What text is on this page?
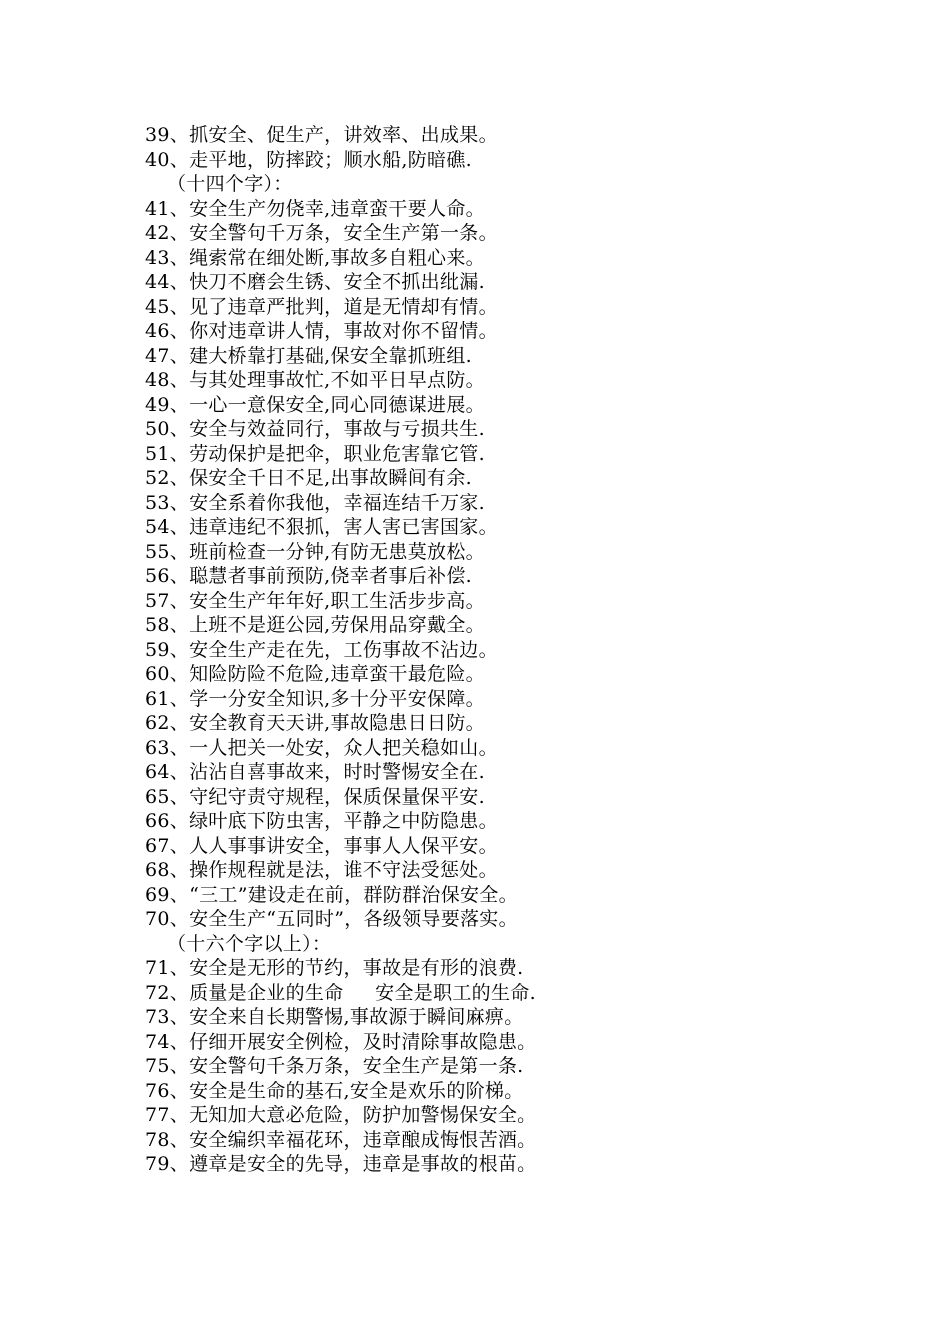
39、抓安全、促生产，讲效率、出成果。
40、走平地，防摔跤；顺水船,防暗礁.
（十四个字）：
41、安全生产勿侥幸,违章蛮干要人命。
42、安全警句千万条，安全生产第一条。
43、绳索常在细处断,事故多自粗心来。
44、快刀不磨会生锈、安全不抓出纰漏.
45、见了违章严批判，道是无情却有情。
46、你对违章讲人情，事故对你不留情。
47、建大桥靠打基础,保安全靠抓班组.
48、与其处理事故忙,不如平日早点防。
49、一心一意保安全,同心同德谋进展。
50、安全与效益同行，事故与亏损共生.
51、劳动保护是把伞，职业危害靠它管.
52、保安全千日不足,出事故瞬间有余.
53、安全系着你我他，幸福连结千万家.
54、违章违纪不狠抓，害人害已害国家。
55、班前检查一分钟,有防无患莫放松。
56、聪慧者事前预防,侥幸者事后补偿.
57、安全生产年年好,职工生活步步高。
58、上班不是逛公园,劳保用品穿戴全。
59、安全生产走在先，工伤事故不沾边。
60、知险防险不危险,违章蛮干最危险。
61、学一分安全知识,多十分平安保障。
62、安全教育天天讲,事故隐患日日防。
63、一人把关一处安，众人把关稳如山。
64、沾沾自喜事故来，时时警惕安全在.
65、守纪守责守规程，保质保量保平安.
66、绿叶底下防虫害，平静之中防隐患。
67、人人事事讲安全，事事人人保平安。
68、操作规程就是法，谁不守法受惩处。
69、“三工”建设走在前，群防群治保安全。
70、安全生产“五同时”，各级领导要落实。
（十六个字以上）：
71、安全是无形的节约，事故是有形的浪费.
72、质量是企业的生命     安全是职工的生命.
73、安全来自长期警惕,事故源于瞬间麻痹。
74、仔细开展安全例检，及时清除事故隐患。
75、安全警句千条万条，安全生产是第一条.
76、安全是生命的基石,安全是欢乐的阶梯。
77、无知加大意必危险，防护加警惕保安全。
78、安全编织幸福花环，违章酿成悔恨苦酒。
79、遵章是安全的先导，违章是事故的根苗。
